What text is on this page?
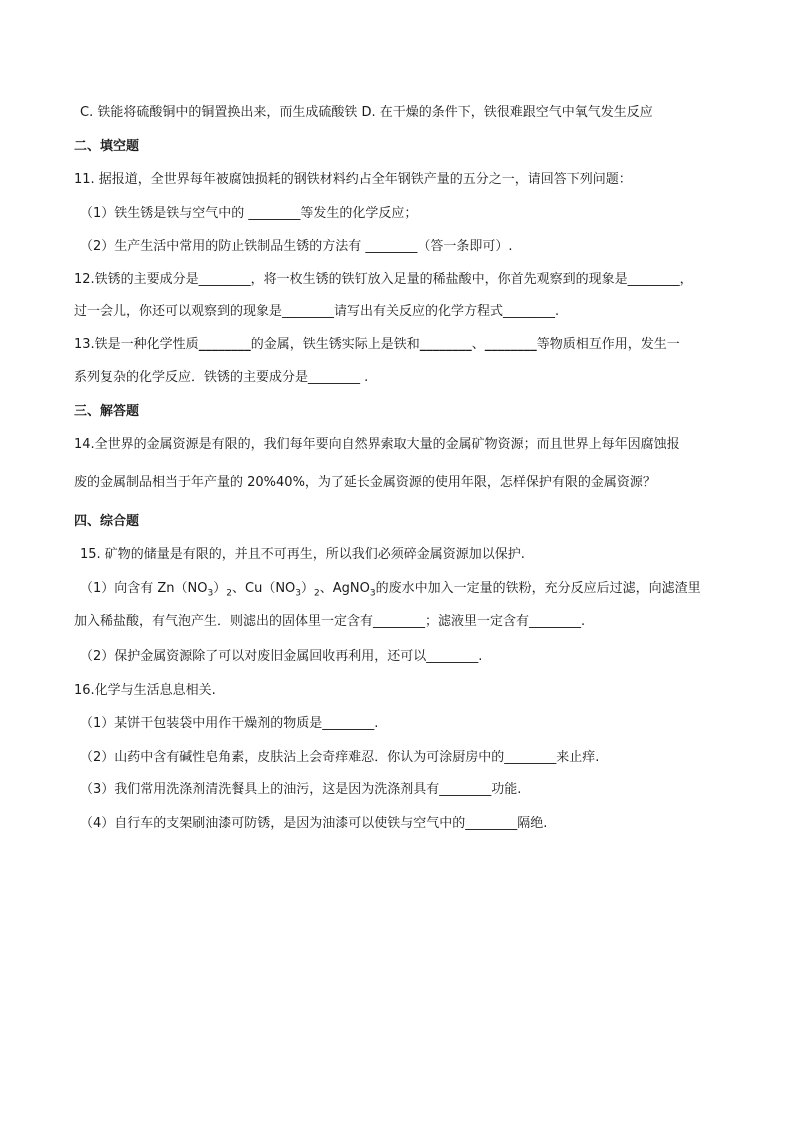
C. 铁能将硫酸铜中的铜置换出来，而生成硫酸铁 D. 在干燥的条件下，铁很难跟空气中氧气发生反应
二、填空题
11. 据报道，全世界每年被腐蚀损耗的钢铁材料约占全年钢铁产量的五分之一，请回答下列问题：
（1）铁生锈是铁与空气中的 ________等发生的化学反应；
（2）生产生活中常用的防止铁制品生锈的方法有 ________（答一条即可）.
12.铁锈的主要成分是________，将一枚生锈的铁钉放入足量的稀盐酸中，你首先观察到的现象是________，
过一会儿，你还可以观察到的现象是________请写出有关反应的化学方程式________.
13.铁是一种化学性质________的金属，铁生锈实际上是铁和________、________等物质相互作用，发生一
系列复杂的化学反应．铁锈的主要成分是________ .
三、解答题
14.全世界的金属资源是有限的，我们每年要向自然界索取大量的金属矿物资源；而且世界上每年因腐蚀报
废的金属制品相当于年产量的 20%40%，为了延长金属资源的使用年限，怎样保护有限的金属资源？
四、综合题
15. 矿物的储量是有限的，并且不可再生，所以我们必须碎金属资源加以保护.
（1）向含有 $Zn(NO_3)_2$、$Cu(NO_3)_2$、AgNO$_3$的废水中加入一定量的铁粉，充分反应后过滤，向滤渣里
加入稀盐酸，有气泡产生．则滤出的固体里一定含有________；滤液里一定含有________.
（2）保护金属资源除了可以对废旧金属回收再利用，还可以________.
16.化学与生活息息相关.
（1）某饼干包装袋中用作干燥剂的物质是________.
（2）山药中含有碱性皂角素，皮肤沾上会奇痒难忍．你认为可涂厨房中的________来止痒.
（3）我们常用洗涤剂清洗餐具上的油污，这是因为洗涤剂具有________功能.
（4）自行车的支架刷油漆可防锈，是因为油漆可以使铁与空气中的________隔绝.
